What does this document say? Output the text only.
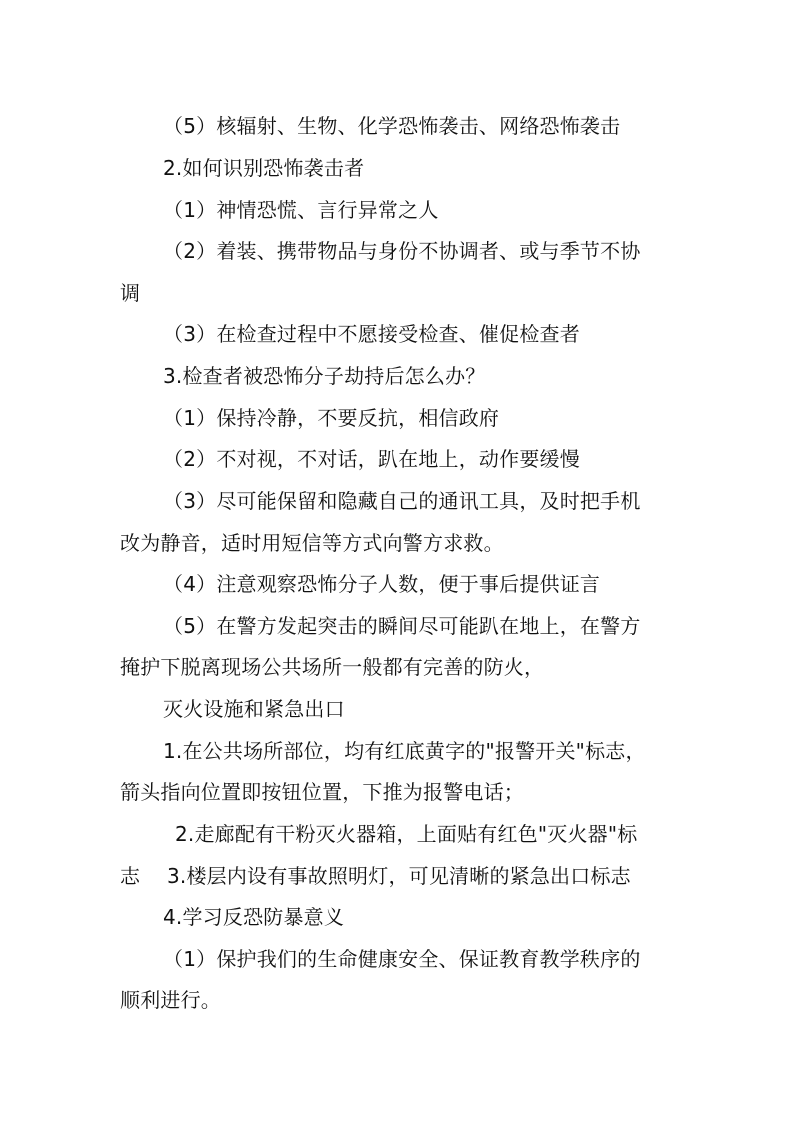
（5）核辐射、生物、化学恐怖袭击、网络恐怖袭击
2.如何识别恐怖袭击者
（1）神情恐慌、言行异常之人
（2）着装、携带物品与身份不协调者、或与季节不协
调
（3）在检查过程中不愿接受检查、催促检查者
3.检查者被恐怖分子劫持后怎么办？
（1）保持冷静，不要反抗，相信政府
（2）不对视，不对话，趴在地上，动作要缓慢
（3）尽可能保留和隐藏自己的通讯工具，及时把手机
改为静音，适时用短信等方式向警方求救。
（4）注意观察恐怖分子人数，便于事后提供证言
（5）在警方发起突击的瞬间尽可能趴在地上，在警方
掩护下脱离现场公共场所一般都有完善的防火，
灭火设施和紧急出口
1.在公共场所部位，均有红底黄字的"报警开关"标志，
箭头指向位置即按钮位置，下推为报警电话；
2.走廊配有干粉灭火器箱，上面贴有红色"灭火器"标
志　 3.楼层内设有事故照明灯，可见清晰的紧急出口标志
4.学习反恐防暴意义
（1）保护我们的生命健康安全、保证教育教学秩序的
顺利进行。
